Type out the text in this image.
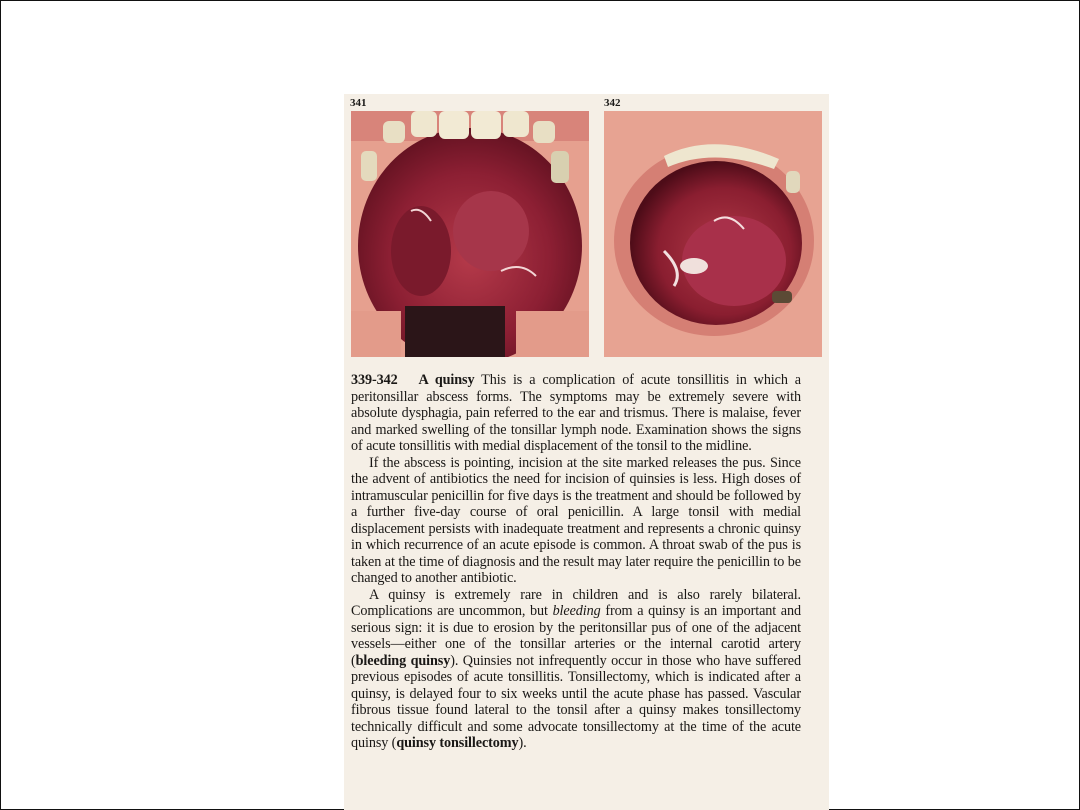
341	342

339-342 A quinsy This is a complication of acute tonsillitis in which a peritonsillar abscess forms. The symptoms may be extremely severe with absolute dysphagia, pain referred to the ear and trismus. There is malaise, fever and marked swelling of the tonsillar lymph node. Examination shows the signs of acute tonsillitis with medial displacement of the tonsil to the midline.

If the abscess is pointing, incision at the site marked releases the pus. Since the advent of antibiotics the need for incision of quinsies is less. High doses of intramuscular penicillin for five days is the treatment and should be followed by a further five-day course of oral penicillin. A large tonsil with medial displacement persists with inadequate treatment and represents a chronic quinsy in which recurrence of an acute episode is common. A throat swab of the pus is taken at the time of diagnosis and the result may later require the penicillin to be changed to another antibiotic.

A quinsy is extremely rare in children and is also rarely bilateral. Complications are uncommon, but bleeding from a quinsy is an important and serious sign: it is due to erosion by the peritonsillar pus of one of the adjacent vessels—either one of the tonsillar arteries or the internal carotid artery (bleeding quinsy). Quinsies not infrequently occur in those who have suffered previous episodes of acute tonsillitis. Tonsillectomy, which is indicated after a quinsy, is delayed four to six weeks until the acute phase has passed. Vascular fibrous tissue found lateral to the tonsil after a quinsy makes tonsillectomy technically difficult and some advocate tonsillectomy at the time of the acute quinsy (quinsy tonsillectomy).
